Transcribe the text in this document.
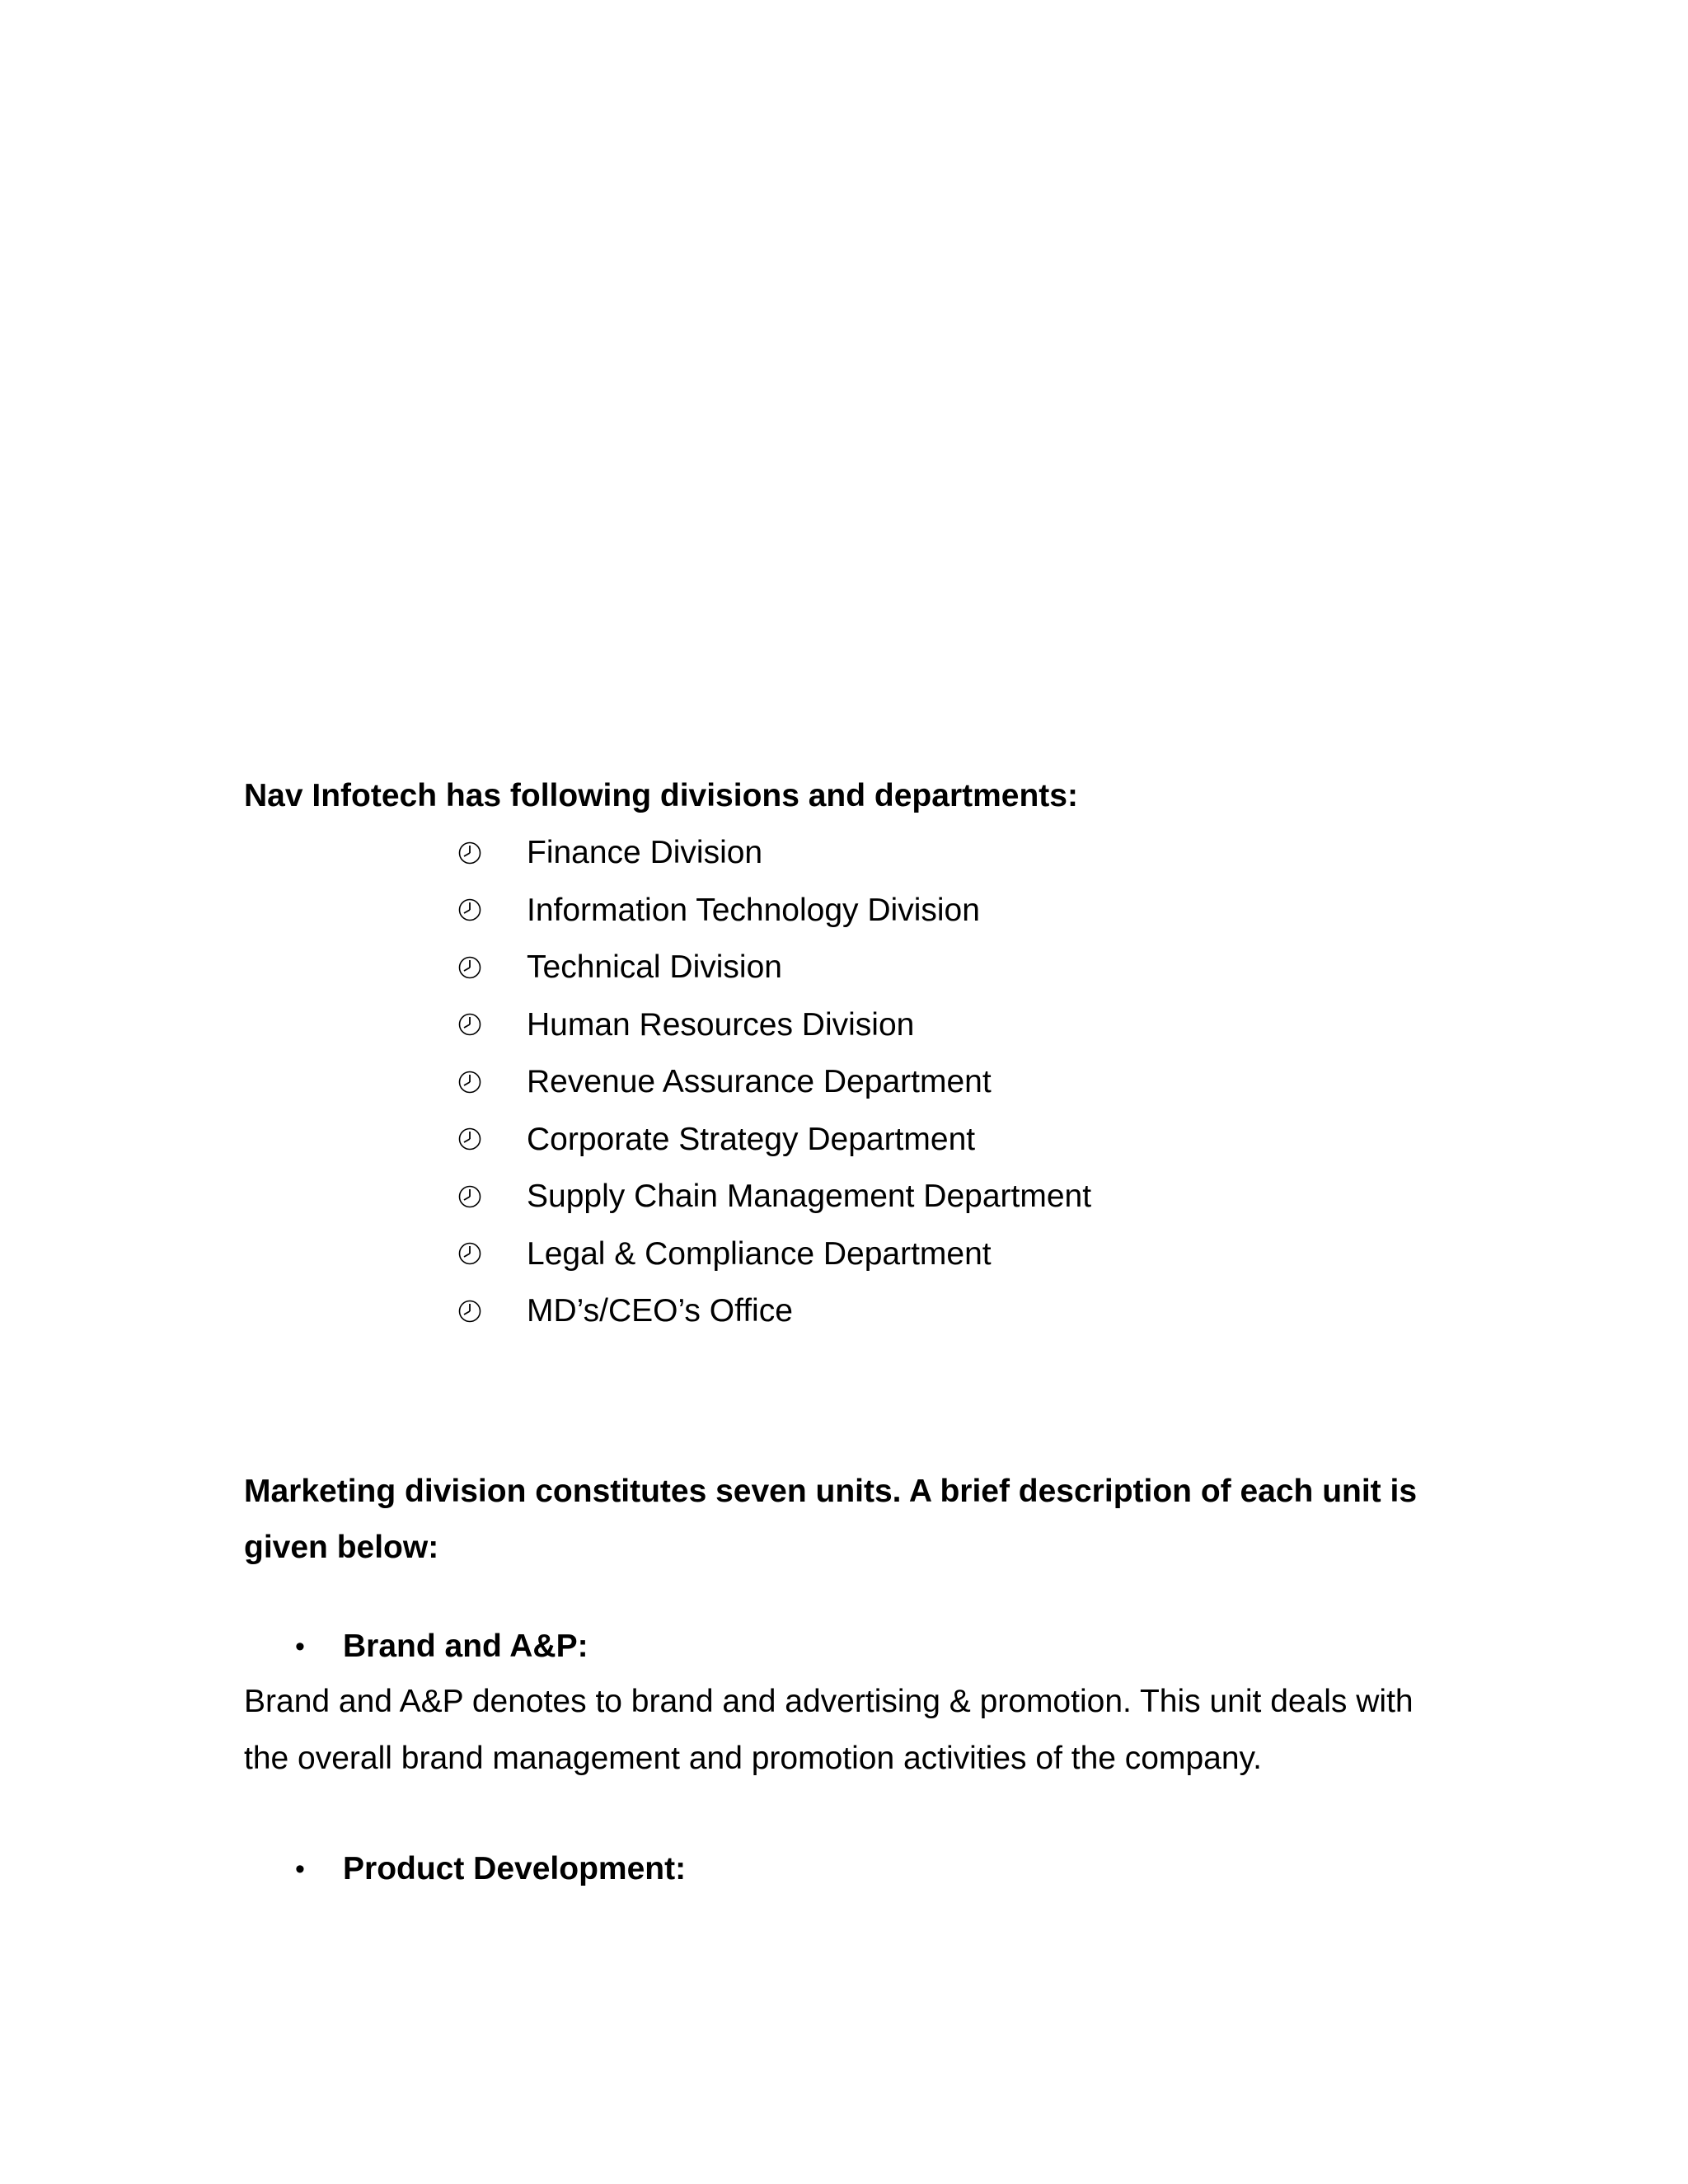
Nav Infotech has following divisions and departments:
Finance Division
Information Technology Division
Technical Division
Human Resources Division
Revenue Assurance Department
Corporate Strategy Department
Supply Chain Management Department
Legal & Compliance Department
MD’s/CEO’s Office
Marketing division constitutes seven units. A brief description of each unit is given below:
•	Brand and A&P:

Brand and A&P denotes to brand and advertising & promotion. This unit deals with the overall brand management and promotion activities of the company.

•	Product Development:
